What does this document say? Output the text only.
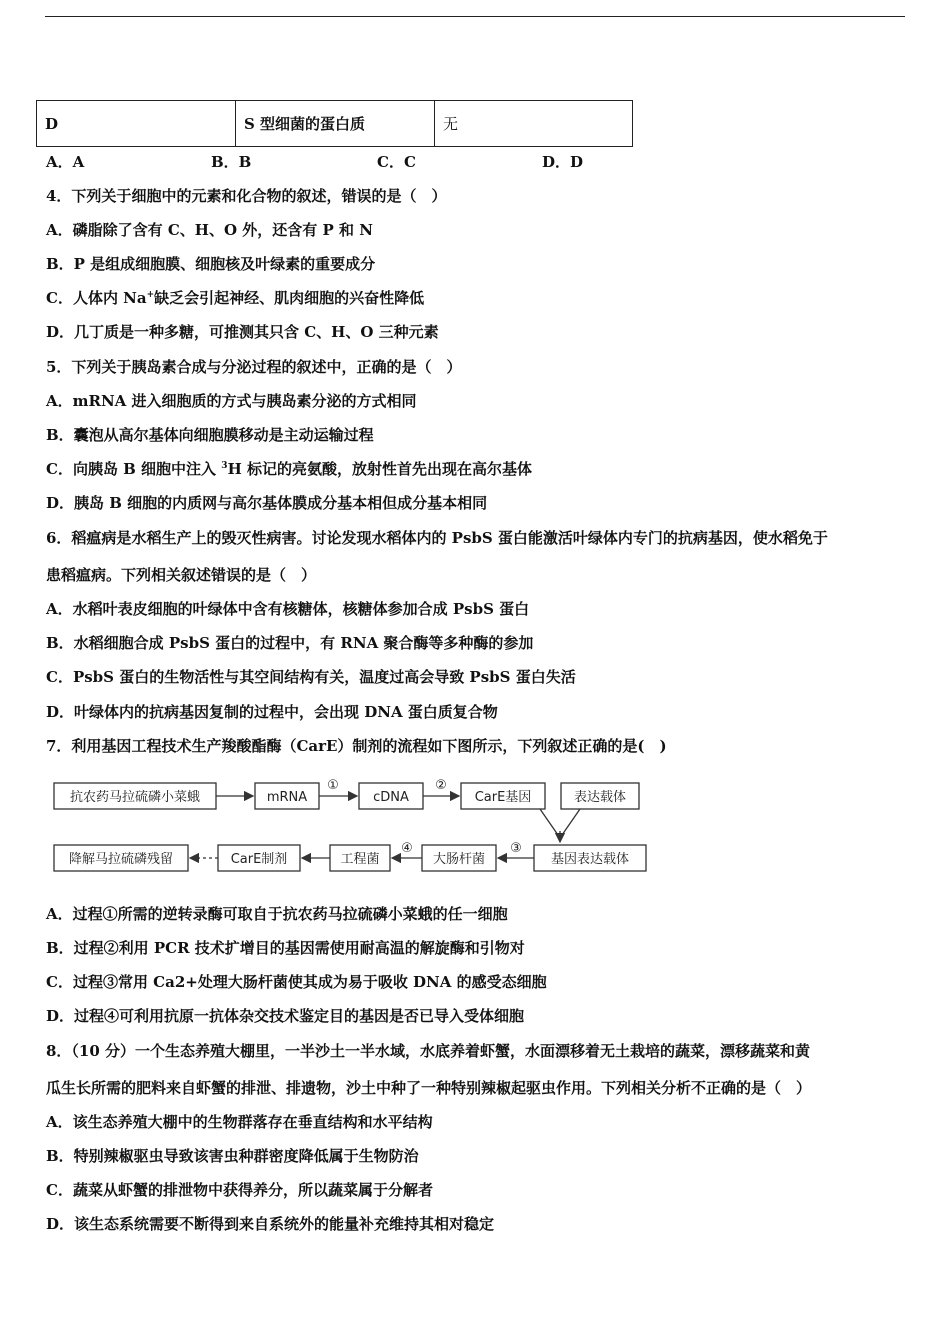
D	S 型细菌的蛋白质	无
A．A	B．B	C．C	D．D
4．下列关于细胞中的元素和化合物的叙述，错误的是（　）
A．磷脂除了含有 C、H、O 外，还含有 P 和 N
B．P 是组成细胞膜、细胞核及叶绿素的重要成分
C．人体内 Na+缺乏会引起神经、肌肉细胞的兴奋性降低
D．几丁质是一种多糖，可推测其只含 C、H、O 三种元素
5．下列关于胰岛素合成与分泌过程的叙述中，正确的是（　）
A．mRNA 进入细胞质的方式与胰岛素分泌的方式相同
B．囊泡从高尔基体向细胞膜移动是主动运输过程
C．向胰岛 B 细胞中注入 $^3$H 标记的亮氨酸，放射性首先出现在高尔基体
D．胰岛 B 细胞的内质网与高尔基体膜成分基本相但成分基本相同
6．稻瘟病是水稻生产上的毁灭性病害。讨论发现水稻体内的 PsbS 蛋白能激活叶绿体内专门的抗病基因，使水稻免于
患稻瘟病。下列相关叙述错误的是（　）
A．水稻叶表皮细胞的叶绿体中含有核糖体，核糖体参加合成 PsbS 蛋白
B．水稻细胞合成 PsbS 蛋白的过程中，有 RNA 聚合酶等多种酶的参加
C．PsbS 蛋白的生物活性与其空间结构有关，温度过高会导致 PsbS 蛋白失活
D．叶绿体内的抗病基因复制的过程中，会出现 DNA 蛋白质复合物
7．利用基因工程技术生产羧酸酯酶（CarE）制剂的流程如下图所示，下列叙述正确的是(　)
抗农药马拉硫磷小菜蛾	mRNA
①
cDNA
②
CarE基因	表达载体
基因表达载体
③
大肠杆菌
④
工程菌
CarE制剂
降解马拉硫磷残留
A．过程①所需的逆转录酶可取自于抗农药马拉硫磷小菜蛾的任一细胞
B．过程②利用 PCR 技术扩增目的基因需使用耐高温的解旋酶和引物对
C．过程③常用 Ca2+处理大肠杆菌使其成为易于吸收 DNA 的感受态细胞
D．过程④可利用抗原一抗体杂交技术鉴定目的基因是否已导入受体细胞
8．（10 分）一个生态养殖大棚里，一半沙土一半水域，水底养着虾蟹，水面漂移着无土栽培的蔬菜，漂移蔬菜和黄
瓜生长所需的肥料来自虾蟹的排泄、排遗物，沙土中种了一种特别辣椒起驱虫作用。下列相关分析不正确的是（　）
A．该生态养殖大棚中的生物群落存在垂直结构和水平结构
B．特别辣椒驱虫导致该害虫种群密度降低属于生物防治
C．蔬菜从虾蟹的排泄物中获得养分，所以蔬菜属于分解者
D．该生态系统需要不断得到来自系统外的能量补充维持其相对稳定
